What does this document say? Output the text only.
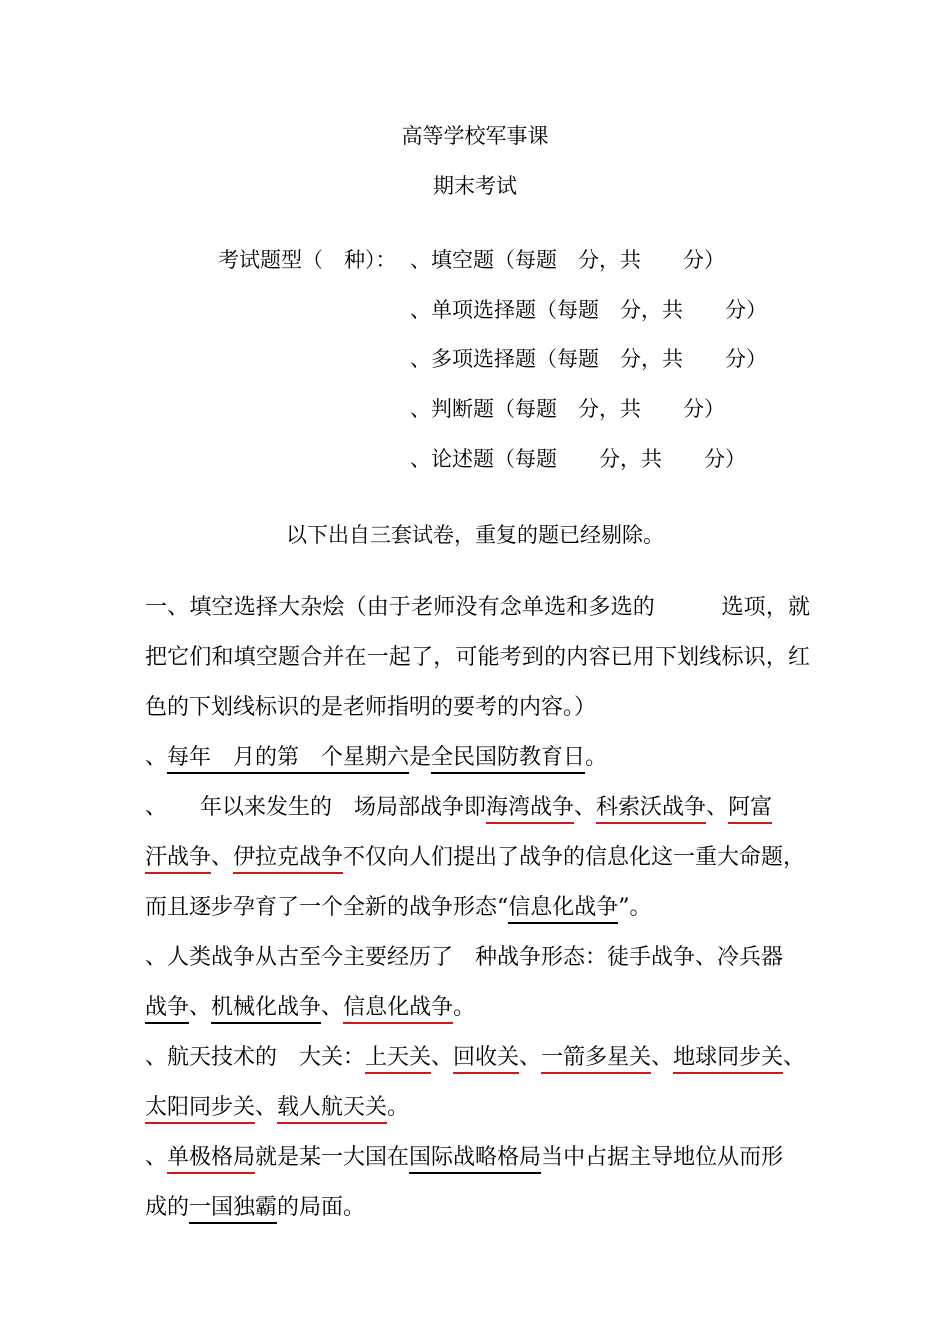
高等学校军事课
期末考试
考试题型（　种）： 、填空题（每题　分，共　　分）
、单项选择题（每题　分，共　　分）
、多项选择题（每题　分，共　　分）
、判断题（每题　分，共　　分）
、论述题（每题　　分，共　　分）
以下出自三套试卷，重复的题已经剔除。
一、填空选择大杂烩（由于老师没有念单选和多选的　　　选项，就
把它们和填空题合并在一起了，可能考到的内容已用下划线标识，红
色的下划线标识的是老师指明的要考的内容。）
、每年　月的第　个星期六是全民国防教育日。
、　　年以来发生的　场局部战争即海湾战争、科索沃战争、阿富
汗战争、伊拉克战争不仅向人们提出了战争的信息化这一重大命题，
而且逐步孕育了一个全新的战争形态“信息化战争”。
、人类战争从古至今主要经历了　种战争形态：徒手战争、冷兵器
战争、机械化战争、信息化战争。
、航天技术的　大关：上天关、回收关、一箭多星关、地球同步关、
太阳同步关、载人航天关。
、单极格局就是某一大国在国际战略格局当中占据主导地位从而形
成的一国独霸的局面。
